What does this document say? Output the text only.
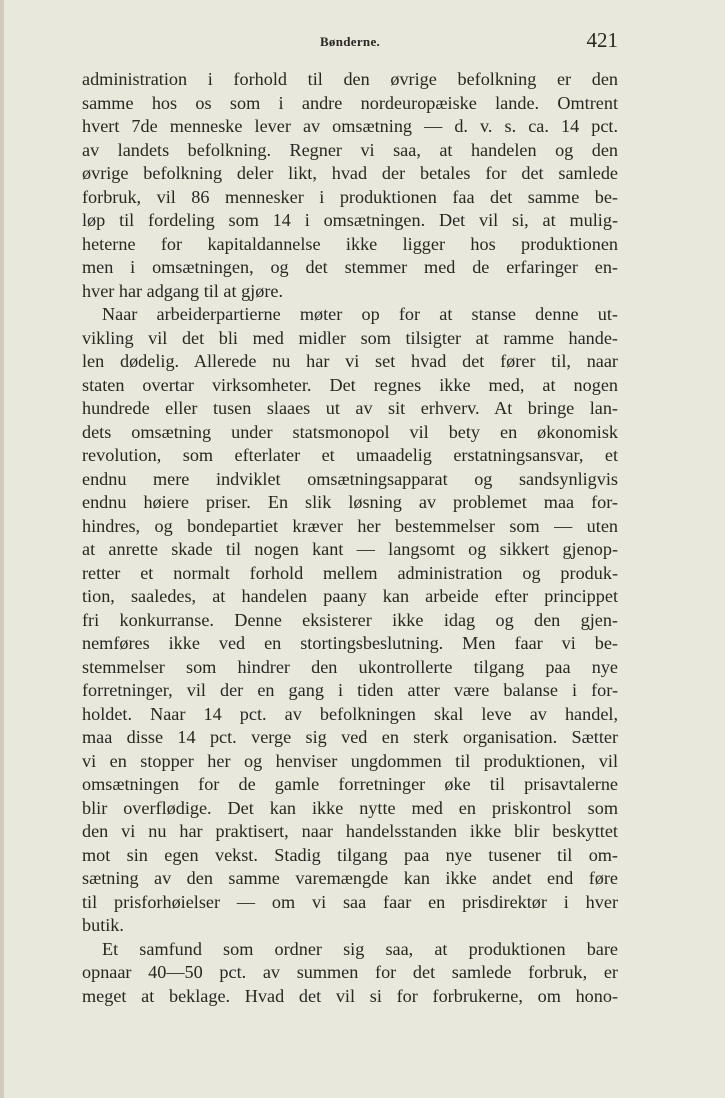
Bønderne.	421
administration i forhold til den øvrige befolkning er den
samme hos os som i andre nordeuropæiske lande. Omtrent
hvert 7de menneske lever av omsætning — d. v. s. ca. 14 pct.
av landets befolkning. Regner vi saa, at handelen og den
øvrige befolkning deler likt, hvad der betales for det samlede
forbruk, vil 86 mennesker i produktionen faa det samme be-
løp til fordeling som 14 i omsætningen. Det vil si, at mulig-
heterne for kapitaldannelse ikke ligger hos produktionen
men i omsætningen, og det stemmer med de erfaringer en-
hver har adgang til at gjøre.
Naar arbeiderpartierne møter op for at stanse denne ut-
vikling vil det bli med midler som tilsigter at ramme hande-
len dødelig. Allerede nu har vi set hvad det fører til, naar
staten overtar virksomheter. Det regnes ikke med, at nogen
hundrede eller tusen slaaes ut av sit erhverv. At bringe lan-
dets omsætning under statsmonopol vil bety en økonomisk
revolution, som efterlater et umaadelig erstatningsansvar, et
endnu mere indviklet omsætningsapparat og sandsynligvis
endnu høiere priser. En slik løsning av problemet maa for-
hindres, og bondepartiet kræver her bestemmelser som — uten
at anrette skade til nogen kant — langsomt og sikkert gjenop-
retter et normalt forhold mellem administration og produk-
tion, saaledes, at handelen paany kan arbeide efter princippet
fri konkurranse. Denne eksisterer ikke idag og den gjen-
nemføres ikke ved en stortingsbeslutning. Men faar vi be-
stemmelser som hindrer den ukontrollerte tilgang paa nye
forretninger, vil der en gang i tiden atter være balanse i for-
holdet. Naar 14 pct. av befolkningen skal leve av handel,
maa disse 14 pct. verge sig ved en sterk organisation. Sætter
vi en stopper her og henviser ungdommen til produktionen, vil
omsætningen for de gamle forretninger øke til prisavtalerne
blir overflødige. Det kan ikke nytte med en priskontrol som
den vi nu har praktisert, naar handelsstanden ikke blir beskyttet
mot sin egen vekst. Stadig tilgang paa nye tusener til om-
sætning av den samme varemængde kan ikke andet end føre
til prisforhøielser — om vi saa faar en prisdirektør i hver
butik.
Et samfund som ordner sig saa, at produktionen bare
opnaar 40—50 pct. av summen for det samlede forbruk, er
meget at beklage. Hvad det vil si for forbrukerne, om hono-
